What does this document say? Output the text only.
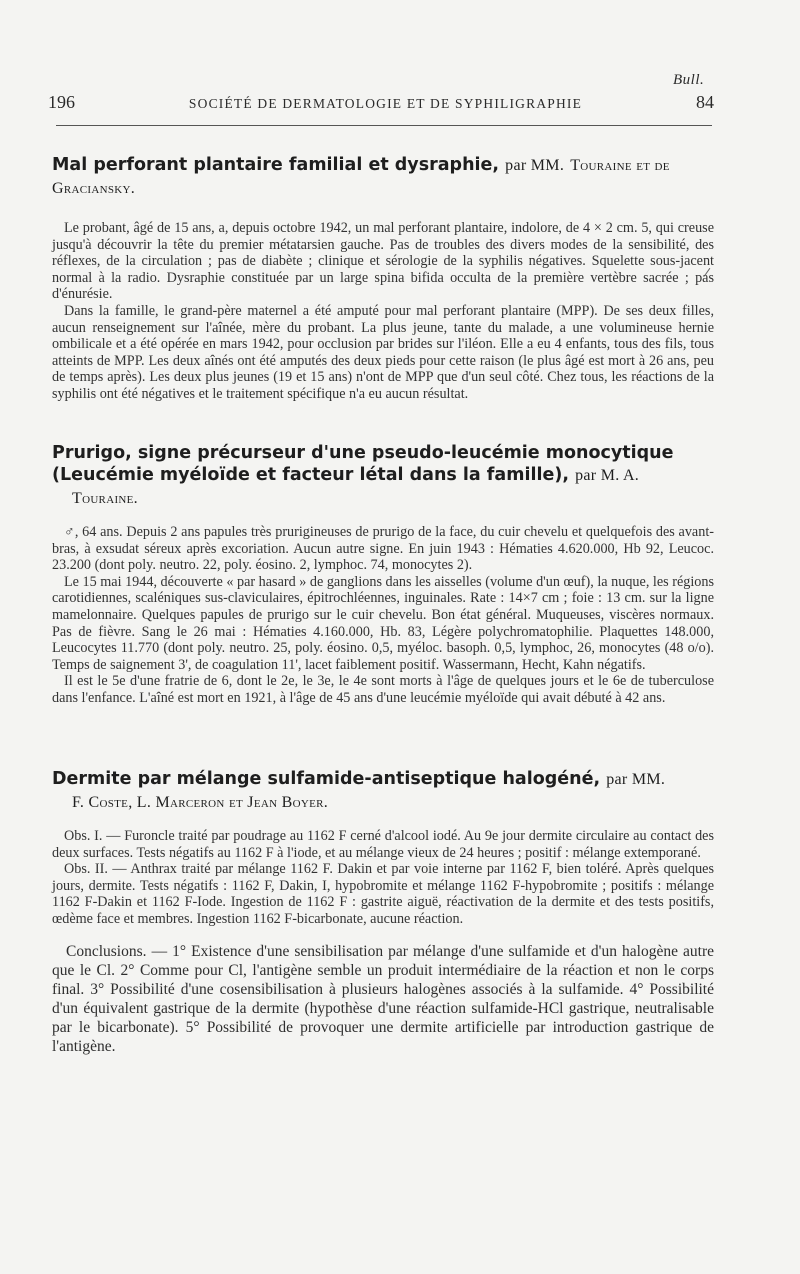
Bull.
196	SOCIÉTÉ DE DERMATOLOGIE ET DE SYPHILIGRAPHIE	84
Mal perforant plantaire familial et dysraphie, par MM. Touraine et de
Graciansky.

Le probant, âgé de 15 ans, a, depuis octobre 1942, un mal perforant plantaire, indolore, de 4 × 2 cm. 5, qui creuse jusqu'à découvrir la tête du premier métatarsien gauche. Pas de troubles des divers modes de la sensibilité, des réflexes, de la circulation ; pas de diabète ; clinique et sérologie de la syphilis négatives. Squelette sous-jacent normal à la radio. Dysraphie constituée par un large spina bifida occulta de la première vertèbre sacrée ; pas d'énurésie.

Dans la famille, le grand-père maternel a été amputé pour mal perforant plantaire (MPP). De ses deux filles, aucun renseignement sur l'aînée, mère du probant. La plus jeune, tante du malade, a une volumineuse hernie ombilicale et a été opérée en mars 1942, pour occlusion par brides sur l'iléon. Elle a eu 4 enfants, tous des fils, tous atteints de MPP. Les deux aînés ont été amputés des deux pieds pour cette raison (le plus âgé est mort à 26 ans, peu de temps après). Les deux plus jeunes (19 et 15 ans) n'ont de MPP que d'un seul côté. Chez tous, les réactions de la syphilis ont été négatives et le traitement spécifique n'a eu aucun résultat.

Prurigo, signe précurseur d'une pseudo-leucémie monocytique
(Leucémie myéloïde et facteur létal dans la famille), par M. A.
Touraine.

♂, 64 ans. Depuis 2 ans papules très prurigineuses de prurigo de la face, du cuir chevelu et quelquefois des avant-bras, à exsudat séreux après excoriation. Aucun autre signe. En juin 1943 : Hématies 4.620.000, Hb 92, Leucoc. 23.200 (dont poly. neutro. 22, poly. éosino. 2, lymphoc. 74, monocytes 2).

Le 15 mai 1944, découverte « par hasard » de ganglions dans les aisselles (volume d'un œuf), la nuque, les régions carotidiennes, scaléniques sus-claviculaires, épitrochléennes, inguinales. Rate : 14×7 cm ; foie : 13 cm. sur la ligne mamelonnaire. Quelques papules de prurigo sur le cuir chevelu. Bon état général. Muqueuses, viscères normaux. Pas de fièvre. Sang le 26 mai : Hématies 4.160.000, Hb. 83, Légère polychromatophilie. Plaquettes 148.000, Leucocytes 11.770 (dont poly. neutro. 25, poly. éosino. 0,5, myéloc. basoph. 0,5, lymphoc, 26, monocytes (48 o/o). Temps de saignement 3', de coagulation 11', lacet faiblement positif. Wassermann, Hecht, Kahn négatifs.

Il est le 5e d'une fratrie de 6, dont le 2e, le 3e, le 4e sont morts à l'âge de quelques jours et le 6e de tuberculose dans l'enfance. L'aîné est mort en 1921, à l'âge de 45 ans d'une leucémie myéloïde qui avait débuté à 42 ans.

Dermite par mélange sulfamide-antiseptique halogéné, par MM.
F. Coste, L. Marceron et Jean Boyer.

Obs. I. — Furoncle traité par poudrage au 1162 F cerné d'alcool iodé. Au 9e jour dermite circulaire au contact des deux surfaces. Tests négatifs au 1162 F à l'iode, et au mélange vieux de 24 heures ; positif : mélange extemporané.

Obs. II. — Anthrax traité par mélange 1162 F. Dakin et par voie interne par 1162 F, bien toléré. Après quelques jours, dermite. Tests négatifs : 1162 F, Dakin, I, hypobromite et mélange 1162 F-hypobromite ; positifs : mélange 1162 F-Dakin et 1162 F-Iode. Ingestion de 1162 F : gastrite aiguë, réactivation de la dermite et des tests positifs, œdème face et membres. Ingestion 1162 F-bicarbonate, aucune réaction.

Conclusions. — 1° Existence d'une sensibilisation par mélange d'une sulfamide et d'un halogène autre que le Cl. 2° Comme pour Cl, l'antigène semble un produit intermédiaire de la réaction et non le corps final. 3° Possibilité d'une cosensibilisation à plusieurs halogènes associés à la sulfamide. 4° Possibilité d'un équivalent gastrique de la dermite (hypothèse d'une réaction sulfamide-HCl gastrique, neutralisable par le bicarbonate). 5° Possibilité de provoquer une dermite artificielle par introduction gastrique de l'antigène.
